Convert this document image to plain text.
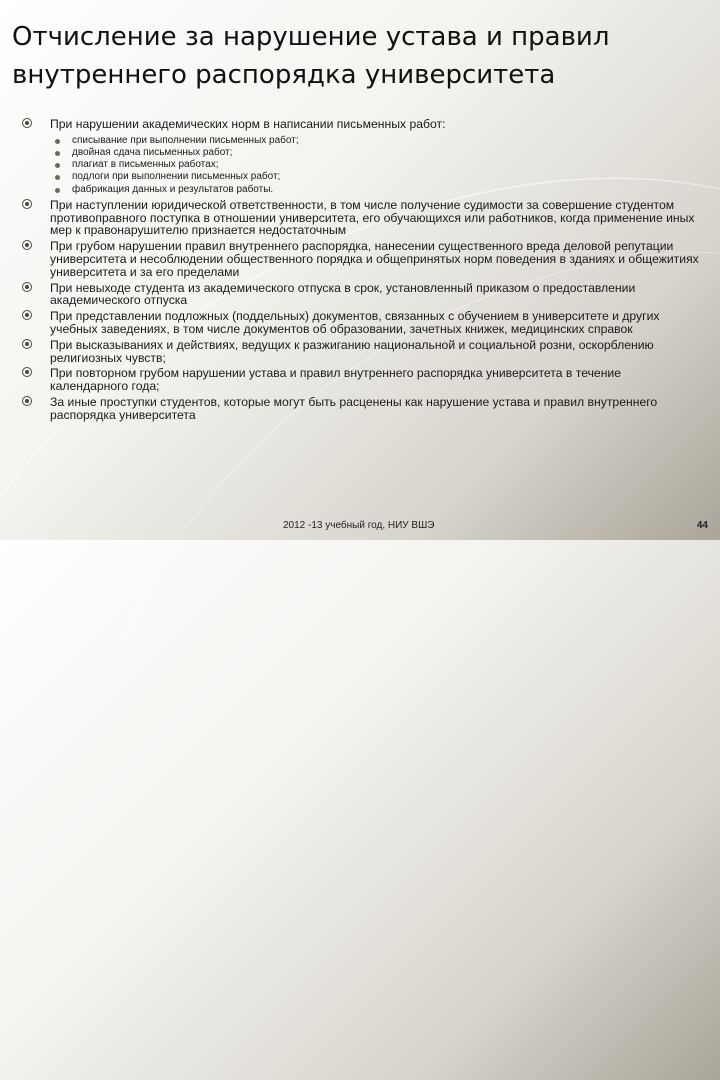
Отчисление за нарушение устава и правил внутреннего распорядка университета
При нарушении академических норм в написании письменных работ:
списывание при выполнении письменных работ;
двойная сдача письменных работ;
плагиат в письменных работах;
подлоги при выполнении письменных работ;
фабрикация данных и результатов работы.
При наступлении юридической ответственности, в том числе получение судимости за совершение студентом противоправного поступка в отношении университета, его обучающихся или работников, когда применение иных мер к правонарушителю признается недостаточным
При грубом нарушении правил внутреннего распорядка, нанесении существенного вреда деловой репутации университета и несоблюдении общественного порядка и общепринятых норм поведения в зданиях и общежитиях университета и за его пределами
При невыходе студента из академического отпуска в срок, установленный приказом о предоставлении академического отпуска
При представлении подложных (поддельных) документов, связанных с обучением в университете и других учебных заведениях, в том числе документов об образовании, зачетных книжек, медицинских справок
При высказываниях и действиях, ведущих к разжиганию национальной и социальной розни, оскорблению религиозных чувств;
При повторном грубом нарушении устава и правил внутреннего распорядка университета в течение календарного года;
За иные проступки студентов, которые могут быть расценены как нарушение устава и правил внутреннего распорядка университета
2012 -13 учебный год, НИУ ВШЭ	44
